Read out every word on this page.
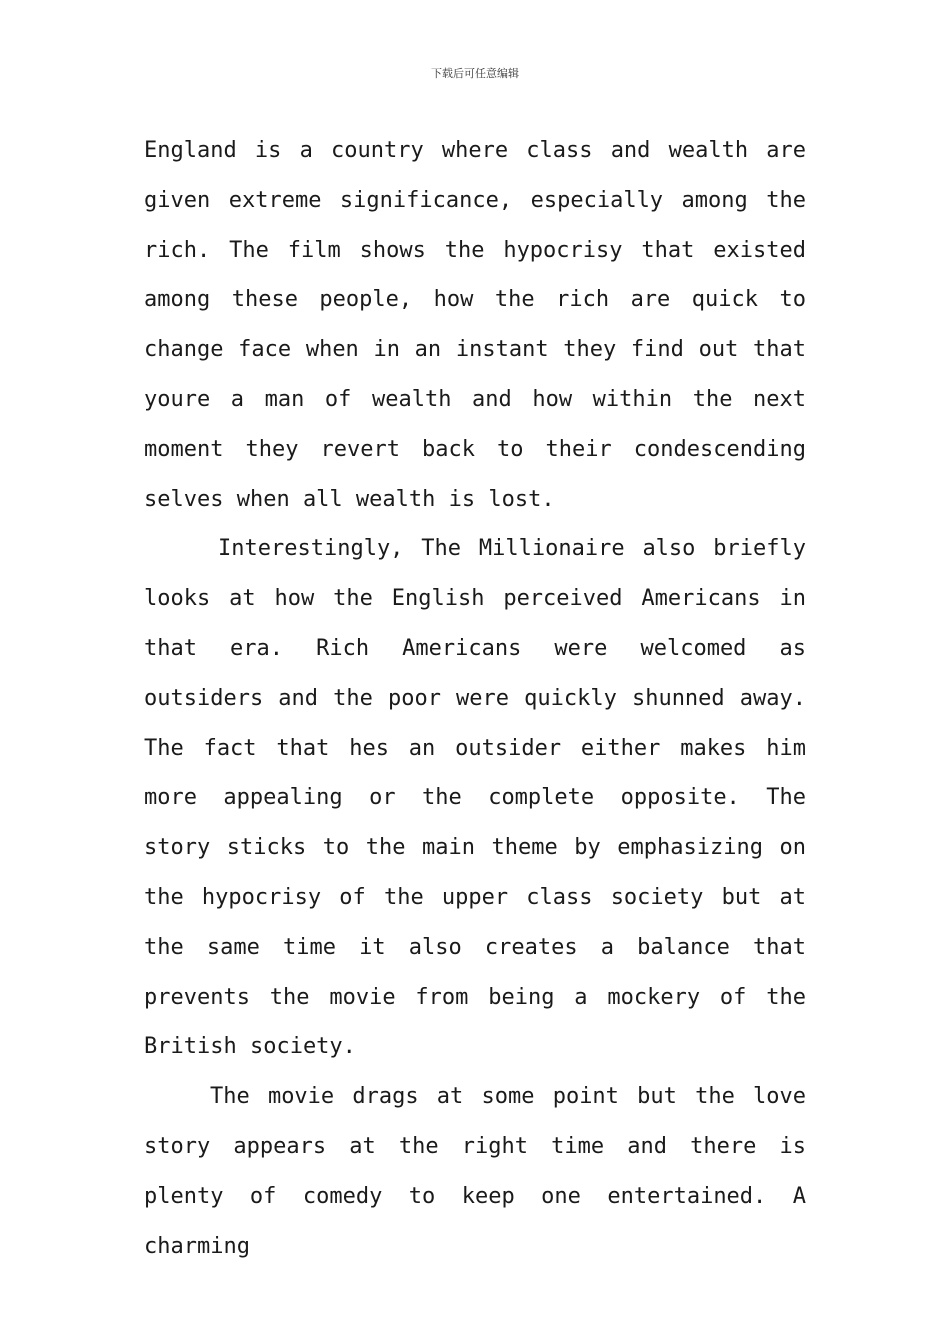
下载后可任意编辑

England is a country where class and wealth are given extreme significance, especially among the rich. The film shows the hypocrisy that existed among these people, how the rich are quick to change face when in an instant they find out that youre a man of wealth and how within the next moment they revert back to their condescending selves when all wealth is lost.

Interestingly, The Millionaire also briefly looks at how the English perceived Americans in that era. Rich Americans were welcomed as outsiders and the poor were quickly shunned away. The fact that hes an outsider either makes him more appealing or the complete opposite. The story sticks to the main theme by emphasizing on the hypocrisy of the upper class society but at the same time it also creates a balance that prevents the movie from being a mockery of the British society.

The movie drags at some point but the love story appears at the right time and there is plenty of comedy to keep one entertained. A charming
